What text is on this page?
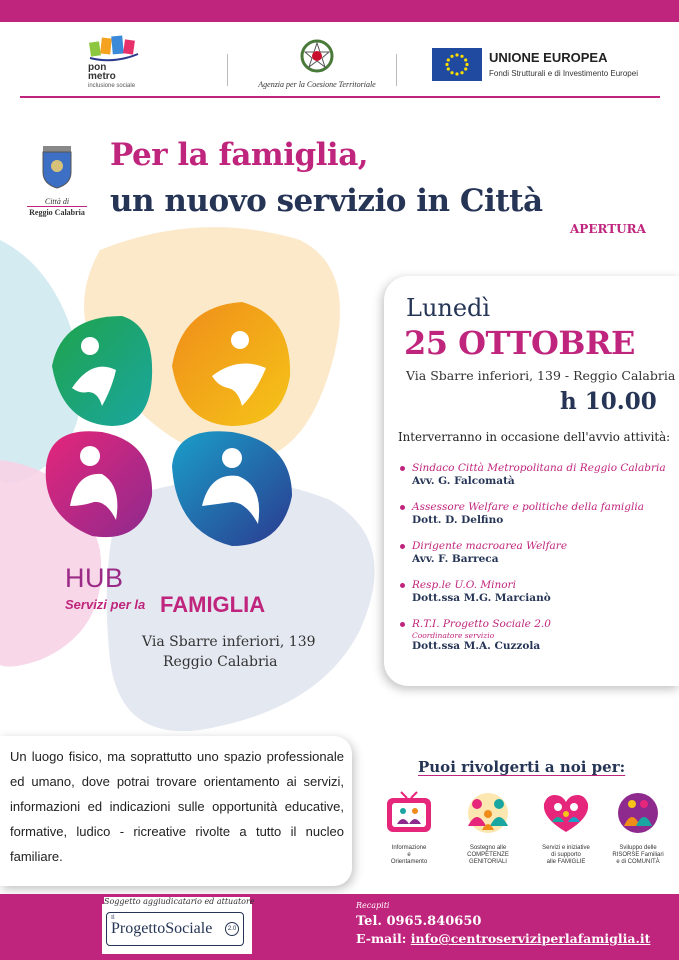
pon
metro
inclusione sociale	Agenzia per la Coesione Territoriale
UNIONE EUROPEA
Fondi Strutturali e di Investimento Europei
Città di
Reggio Calabria
Per la famiglia,
un nuovo servizio in Città
APERTURA
HUB
Servizi per la FAMIGLIA
Via Sbarre inferiori, 139
Reggio Calabria
Lunedì
25 OTTOBRE
Via Sbarre inferiori, 139 - Reggio Calabria
h 10.00
Interverranno in occasione dell'avvio attività:
Sindaco Città Metropolitana di Reggio Calabria
Avv. G. Falcomatà
Assessore Welfare e politiche della famiglia
Dott. D. Delfino
Dirigente macroarea Welfare
Avv. F. Barreca
Resp.le U.O. Minori
Dott.ssa M.G. Marcianò
R.T.I. Progetto Sociale 2.0
Coordinatore servizio
Dott.ssa M.A. Cuzzola

Un luogo fisico, ma soprattutto uno spazio professionale ed umano, dove potrai trovare orientamento ai servizi, informazioni ed indicazioni sulle opportunità educative, formative, ludico - ricreative rivolte a tutto il nucleo familiare.

Puoi rivolgerti a noi per:
Informazione
e
Orientamento
Sostegno alle
COMPETENZE
GENITORIALI
Servizi e iniziative
di supporto
alle FAMIGLIE
Sviluppo delle
RISORSE Familiari
e di COMUNITÀ
Soggetto aggiudicatario ed attuatore
Il
ProgettoSociale	2.0
Recapiti
Tel. 0965.840650
E-mail: info@centroserviziperlafamiglia.it
